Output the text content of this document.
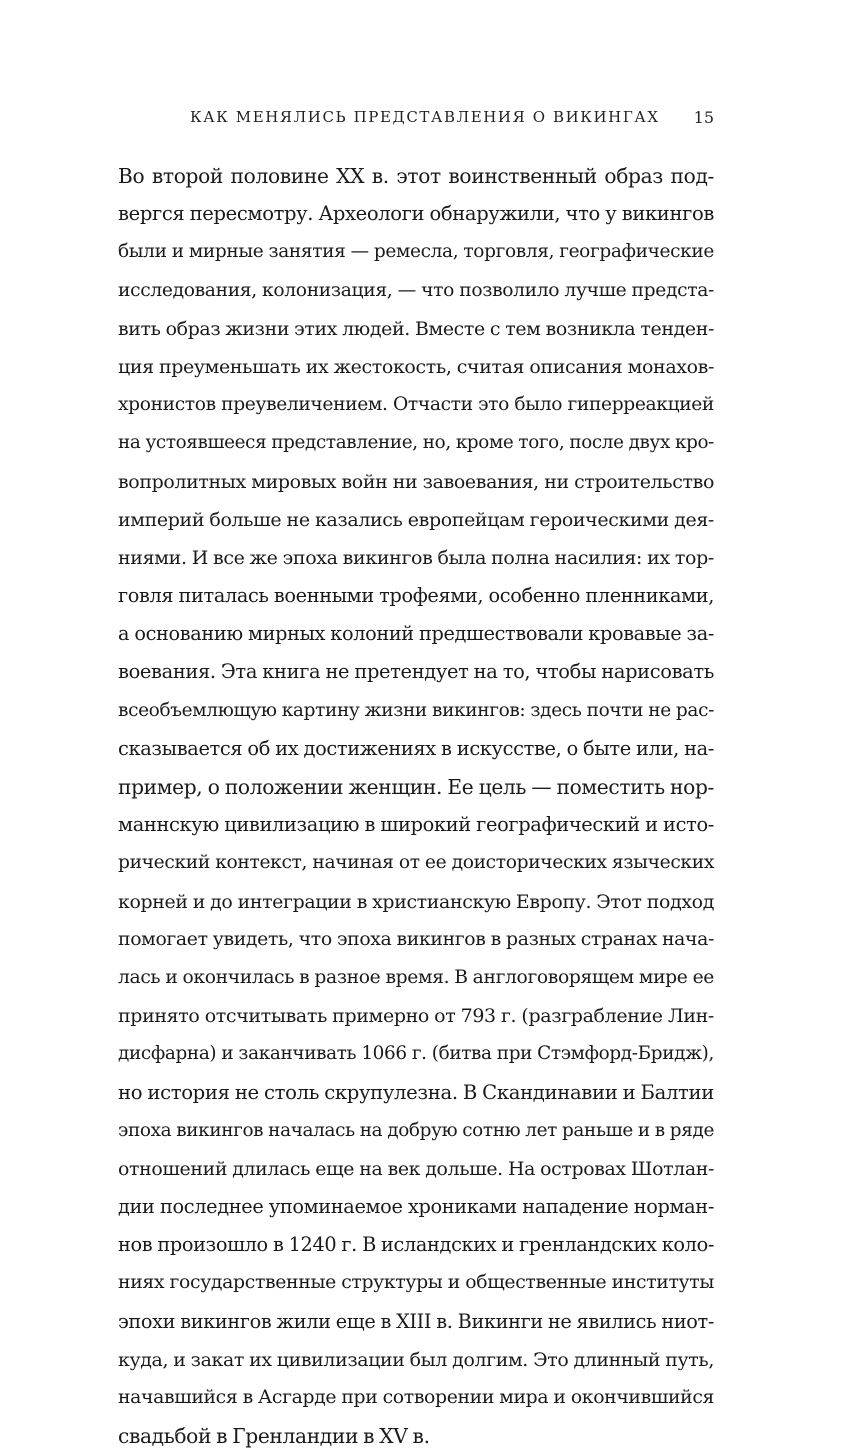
КАК МЕНЯЛИСЬ ПРЕДСТАВЛЕНИЯ О ВИКИНГАХ 15
Во второй половине XX в. этот воинственный образ под-
вергся пересмотру. Археологи обнаружили, что у викингов
были и мирные занятия — ремесла, торговля, географические
исследования, колонизация, — что позволило лучше предста-
вить образ жизни этих людей. Вместе с тем возникла тенден-
ция преуменьшать их жестокость, считая описания монахов-
хронистов преувеличением. Отчасти это было гиперреакцией
на устоявшееся представление, но, кроме того, после двух кро-
вопролитных мировых войн ни завоевания, ни строительство
империй больше не казались европейцам героическими дея-
ниями. И все же эпоха викингов была полна насилия: их тор-
говля питалась военными трофеями, особенно пленниками,
а основанию мирных колоний предшествовали кровавые за-
воевания. Эта книга не претендует на то, чтобы нарисовать
всеобъемлющую картину жизни викингов: здесь почти не рас-
сказывается об их достижениях в искусстве, о быте или, на-
пример, о положении женщин. Ее цель — поместить нор-
маннскую цивилизацию в широкий географический и исто-
рический контекст, начиная от ее доисторических языческих
корней и до интеграции в христианскую Европу. Этот подход
помогает увидеть, что эпоха викингов в разных странах нача-
лась и окончилась в разное время. В англоговорящем мире ее
принято отсчитывать примерно от 793 г. (разграбление Лин-
дисфарна) и заканчивать 1066 г. (битва при Стэмфорд-Бридж),
но история не столь скрупулезна. В Скандинавии и Балтии
эпоха викингов началась на добрую сотню лет раньше и в ряде
отношений длилась еще на век дольше. На островах Шотлан-
дии последнее упоминаемое хрониками нападение норман-
нов произошло в 1240 г. В исландских и гренландских коло-
ниях государственные структуры и общественные институты
эпохи викингов жили еще в XIII в. Викинги не явились ниот-
куда, и закат их цивилизации был долгим. Это длинный путь,
начавшийся в Асгарде при сотворении мира и окончившийся
свадьбой в Гренландии в XV в.
